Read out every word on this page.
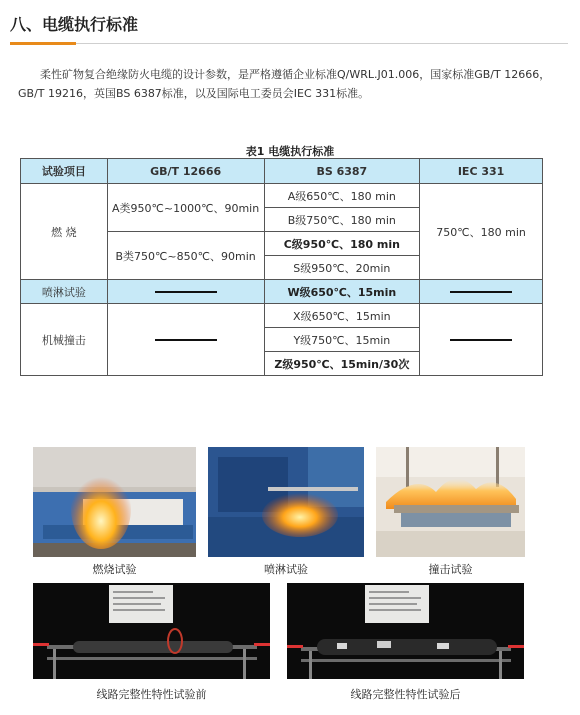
八、电缆执行标准
柔性矿物复合绝缘防火电缆的设计参数，是严格遵循企业标准Q/WRL.J01.006，国家标准GB/T 12666，GB/T 19216，英国BS 6387标准，以及国际电工委员会IEC 331标准。
表1 电缆执行标准
试验项目	GB/T 12666	BS 6387	IEC 331
燃 烧	A类950℃~1000℃、90min	A级650℃、180 min	750℃、180 min
		B级750℃、180 min	
	B类750℃~850℃、90min	C级950℃、180 min	
		S级950℃、20min	
喷淋试验		W级650℃、15min	
机械撞击		X级650℃、15min	
		Y级750℃、15min	
		Z级950℃、15min/30次	
燃烧试验	喷淋试验	撞击试验
线路完整性特性试验前	线路完整性特性试验后
